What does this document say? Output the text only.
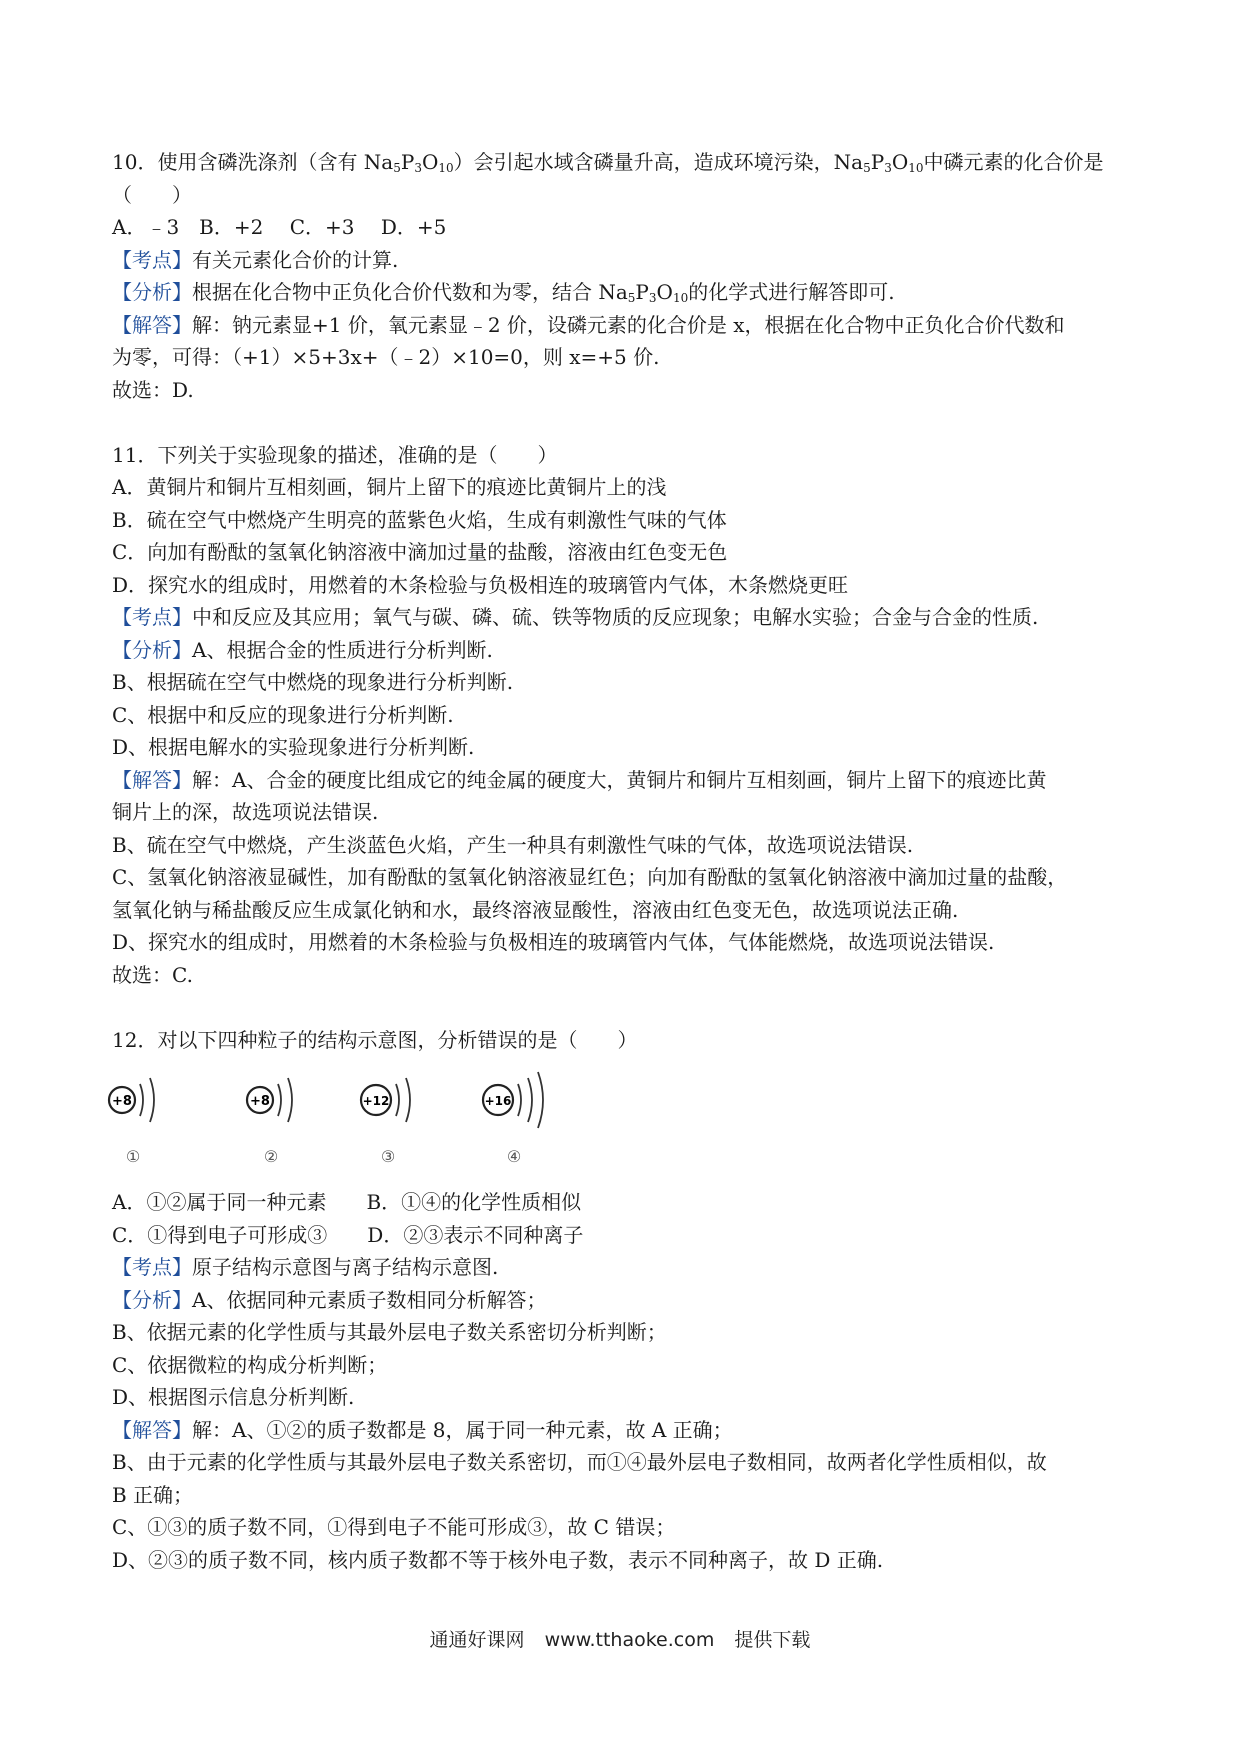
10．使用含磷洗涤剂（含有 $Na_5P_3O_{10}$）会引起水域含磷量升高，造成环境污染，$Na_5P_3O_{10}$中磷元素的化合价是
（　　）
A．﹣3　B．+2　 C．+3　 D．+5
【考点】有关元素化合价的计算.
【分析】根据在化合物中正负化合价代数和为零，结合 $Na_5P_3O_{10}$的化学式进行解答即可.
【解答】解：钠元素显+1 价，氧元素显﹣2 价，设磷元素的化合价是 x，根据在化合物中正负化合价代数和
为零，可得：（+1）×5+3x+（﹣2）×10=0，则 x=+5 价.
故选：D.
11．下列关于实验现象的描述，准确的是（　　）
A．黄铜片和铜片互相刻画，铜片上留下的痕迹比黄铜片上的浅
B．硫在空气中燃烧产生明亮的蓝紫色火焰，生成有刺激性气味的气体
C．向加有酚酞的氢氧化钠溶液中滴加过量的盐酸，溶液由红色变无色
D．探究水的组成时，用燃着的木条检验与负极相连的玻璃管内气体，木条燃烧更旺
【考点】中和反应及其应用；氧气与碳、磷、硫、铁等物质的反应现象；电解水实验；合金与合金的性质.
【分析】A、根据合金的性质进行分析判断.
B、根据硫在空气中燃烧的现象进行分析判断.
C、根据中和反应的现象进行分析判断.
D、根据电解水的实验现象进行分析判断.
【解答】解：A、合金的硬度比组成它的纯金属的硬度大，黄铜片和铜片互相刻画，铜片上留下的痕迹比黄
铜片上的深，故选项说法错误.
B、硫在空气中燃烧，产生淡蓝色火焰，产生一种具有刺激性气味的气体，故选项说法错误.
C、氢氧化钠溶液显碱性，加有酚酞的氢氧化钠溶液显红色；向加有酚酞的氢氧化钠溶液中滴加过量的盐酸，
氢氧化钠与稀盐酸反应生成氯化钠和水，最终溶液显酸性，溶液由红色变无色，故选项说法正确.
D、探究水的组成时，用燃着的木条检验与负极相连的玻璃管内气体，气体能燃烧，故选项说法错误.
故选：C.
12．对以下四种粒子的结构示意图，分析错误的是（　　）
+8
①
+8
②
+12
③
+16
④
A．①②属于同一种元素　　B．①④的化学性质相似
C．①得到电子可形成③　　D．②③表示不同种离子
【考点】原子结构示意图与离子结构示意图.
【分析】A、依据同种元素质子数相同分析解答；
B、依据元素的化学性质与其最外层电子数关系密切分析判断；
C、依据微粒的构成分析判断；
D、根据图示信息分析判断.
【解答】解：A、①②的质子数都是 8，属于同一种元素，故 A 正确；
B、由于元素的化学性质与其最外层电子数关系密切，而①④最外层电子数相同，故两者化学性质相似，故
B 正确；
C、①③的质子数不同，①得到电子不能可形成③，故 C 错误；
D、②③的质子数不同，核内质子数都不等于核外电子数，表示不同种离子，故 D 正确.
通通好课网 www.tthaoke.com 提供下载
